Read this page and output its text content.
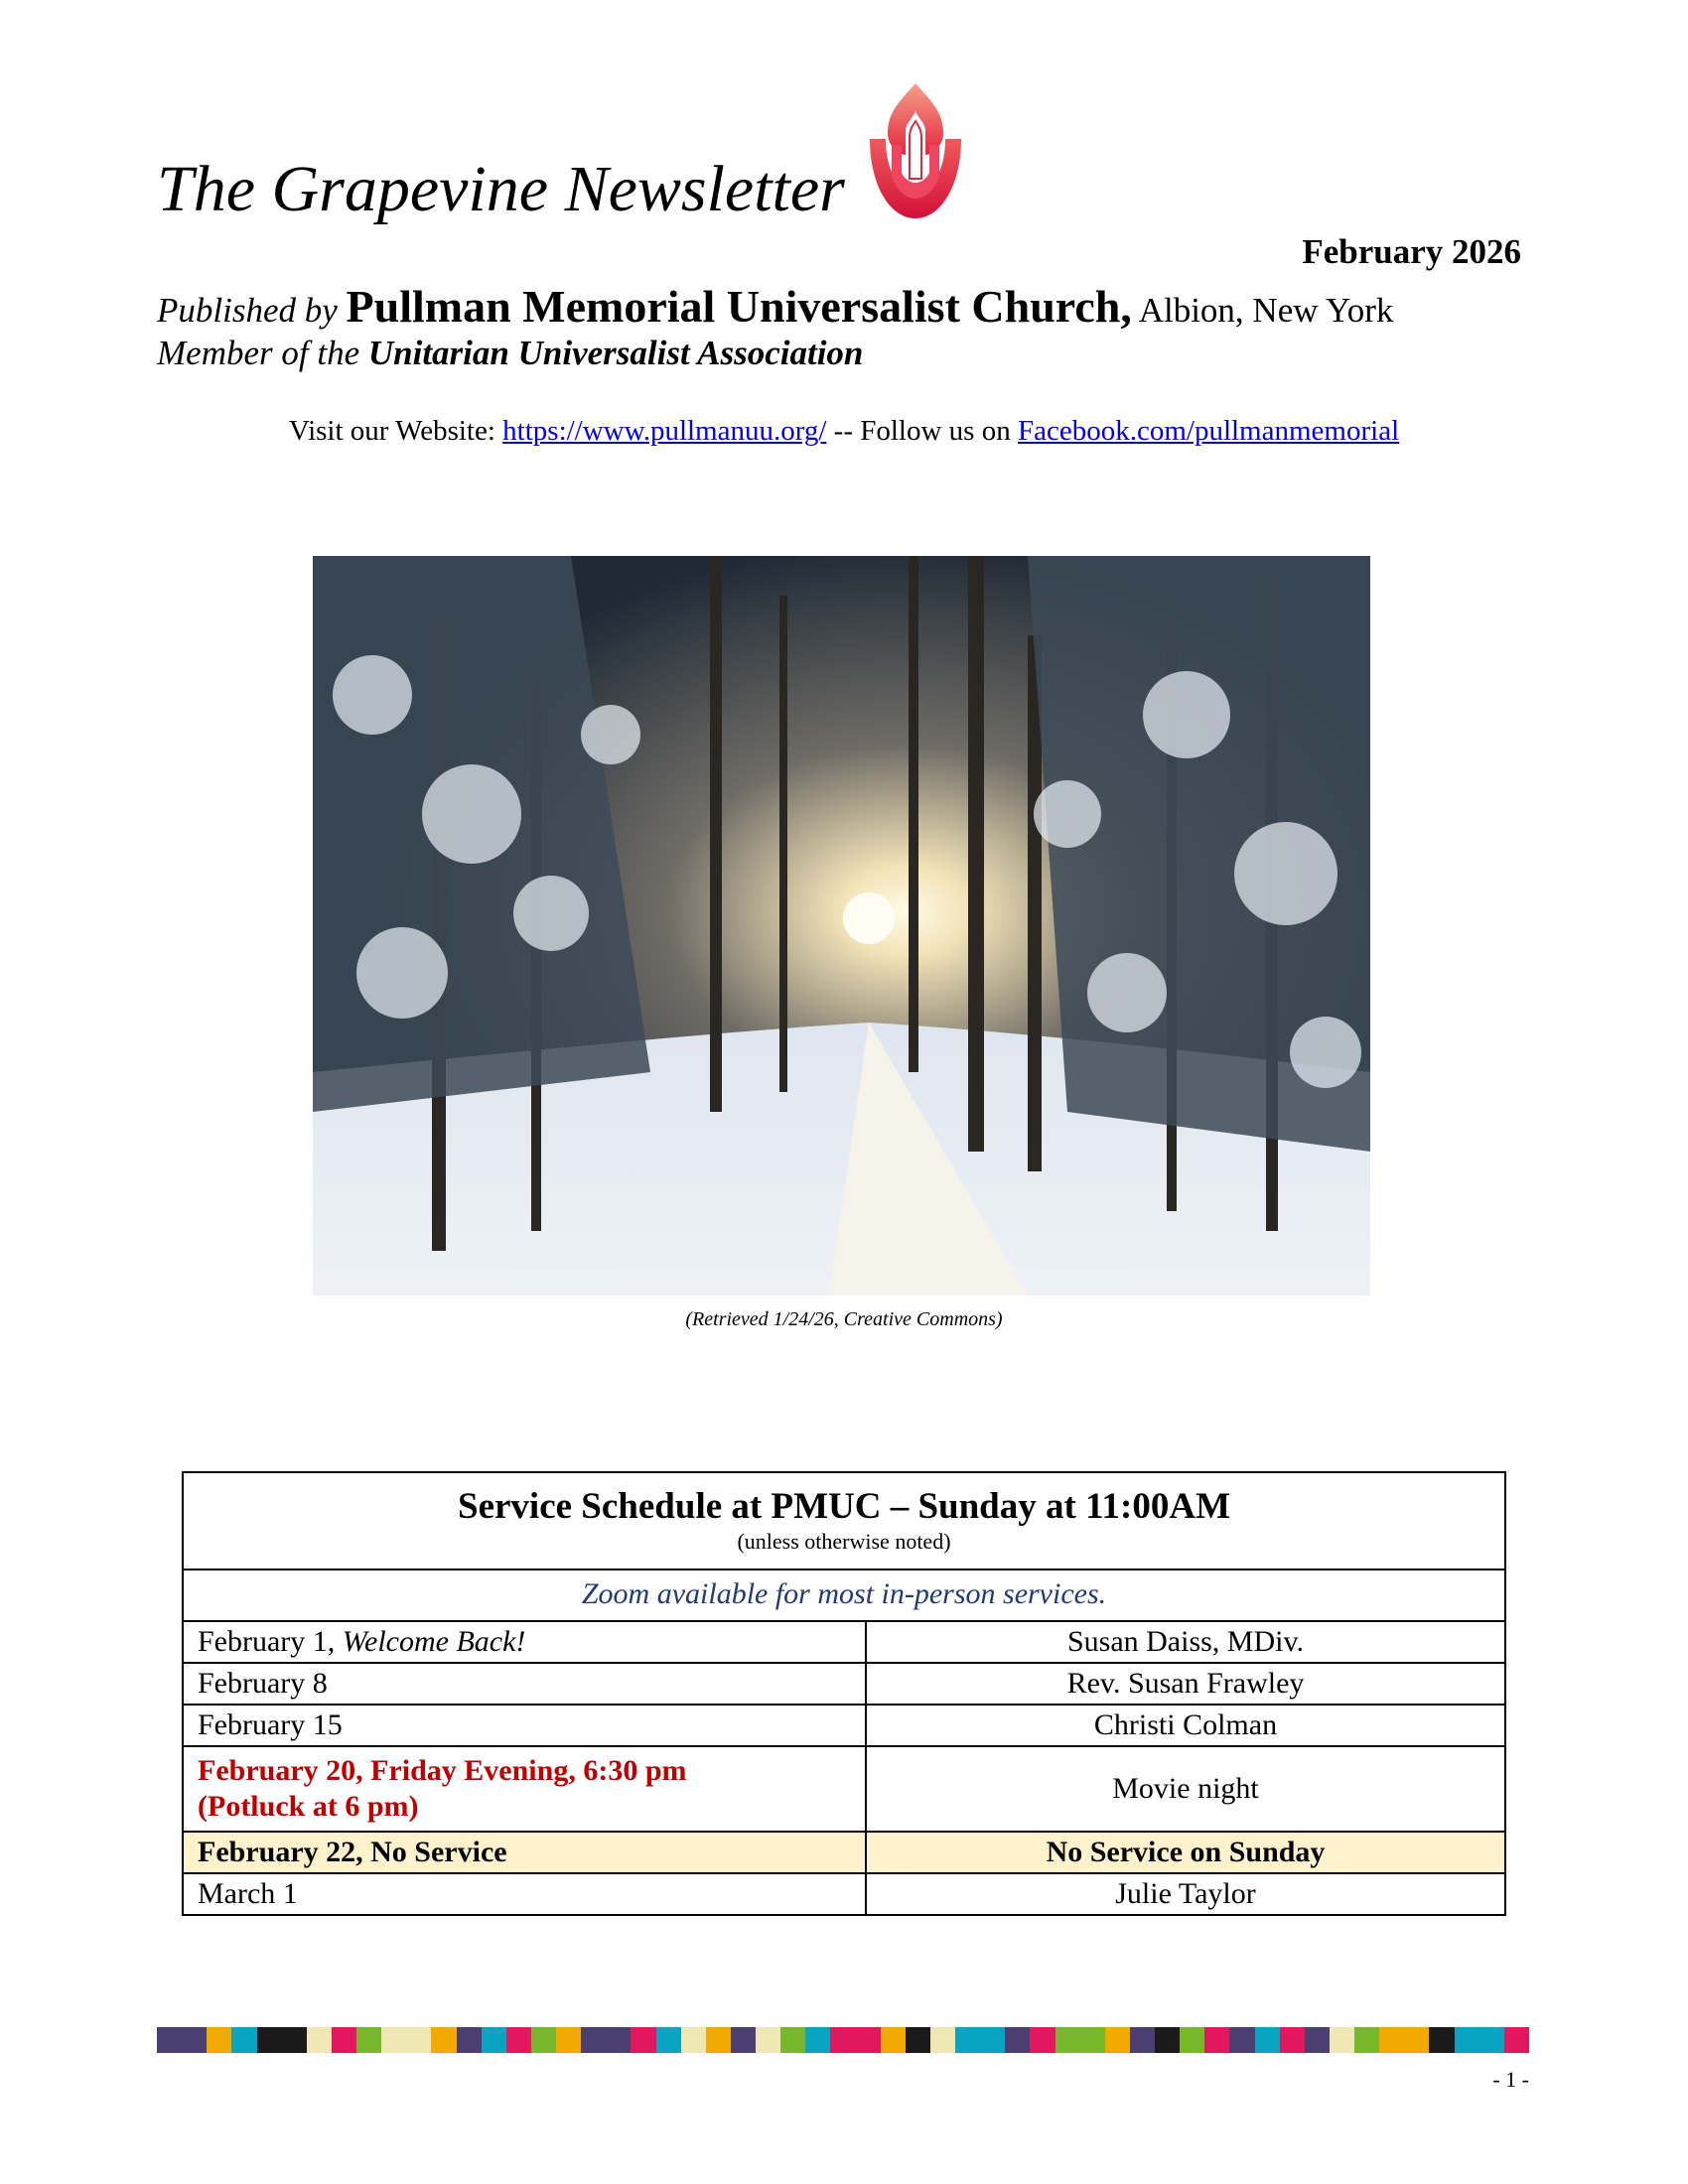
The Grapevine Newsletter
February 2026
Published by Pullman Memorial Universalist Church, Albion, New York
Member of the Unitarian Universalist Association
Visit our Website: https://www.pullmanuu.org/ -- Follow us on Facebook.com/pullmanmemorial
(Retrieved 1/24/26, Creative Commons)
Service Schedule at PMUC – Sunday at 11:00AM
(unless otherwise noted)	

Zoom available for most in-person services.	
February 1, Welcome Back!	Susan Daiss, MDiv.
February 8	Rev. Susan Frawley
February 15	Christi Colman

February 20, Friday Evening, 6:30 pm
(Potluck at 6 pm)	Movie night
February 22, No Service	No Service on Sunday
March 1	Julie Taylor
- 1 -
